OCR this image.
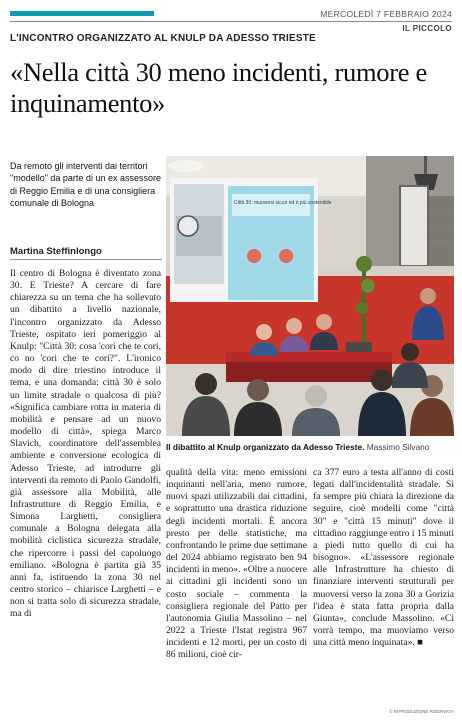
MERCOLEDÌ 7 FEBBRAIO 2024
IL PICCOLO
L'INCONTRO ORGANIZZATO AL KNULP DA ADESSO TRIESTE
«Nella città 30 meno incidenti, rumore e inquinamento»
Da remoto gli interventi dai territori "modello" da parte di un ex assessore di Reggio Emilia e di una consigliera comunale di Bologna
Martina Steffinlongo
Città 30: muoversi sicuri ed è più sostenibile
Il dibattito al Knulp organizzato da Adesso Trieste. Massimo Silvano
Il centro di Bologna è diventato zona 30. E Trieste? A cercare di fare chiarezza su un tema che ha sollevato un dibattito a livello nazionale, l'incontro organizzato da Adesso Trieste, ospitato ieri pomeriggio al Knulp: "Città 30: cosa 'cori che te cori, co no 'cori che te cori?". L'ironico modo di dire triestino introduce il tema, e una domanda: città 30 è solo un limite stradale o qualcosa di più? «Significa cambiare rotta in materia di mobilità e pensare ad un nuovo modello di città», spiega Marco Slavich, coordinatore dell'assemblea ambiente e conversione ecologica di Adesso Trieste, ad introdurre gli interventi da remoto di Paolo Gandolfi, già assessore alla Mobilità, alle Infrastrutture di Reggio Emilia, e Simona Larghetti, consigliera comunale a Bologna delegata alla mobilità ciclistica sicurezza stradale, che ripercorre i passi del capoluogo emiliano. «Bologna è partita già 35 anni fa, istituendo la zona 30 nel centro storico – chiarisce Larghetti – e non si tratta solo di sicurezza stradale, ma di
qualità della vita: meno emissioni inquinanti nell'aria, meno rumore, nuovi spazi utilizzabili dai cittadini, e soprattutto una drastica riduzione degli incidenti mortali. È ancora presto per delle statistiche, ma confrontando le prime due settimane del 2024 abbiamo registrato ben 94 incidenti in meno». «Oltre a nuocere ai cittadini gli incidenti sono un costo sociale – commenta la consigliera regionale del Patto per l'autonomia Giulia Massolino – nel 2022 a Trieste l'Istat registra 967 incidenti e 12 morti, per un costo di 86 milioni, cioè cir-
ca 377 euro a testa all'anno di costi legati dall'incidentalità stradale. Si fa sempre più chiara la direzione da seguire, cioè modelli come "città 30" e "città 15 minuti" dove il cittadino raggiunge entro i 15 minuti a piedi tutto quello di cui ha bisogno». «L'assessore regionale alle Infrastrutture ha chiesto di finanziare interventi strutturali per muoversi verso la zona 30 a Gorizia l'idea è stata fatta propria dalla Giunta», conclude Massolino. «Ci vorrà tempo, ma muoviamo verso una città meno inquinata». ■
© RIPRODUZIONE RISERVATA
